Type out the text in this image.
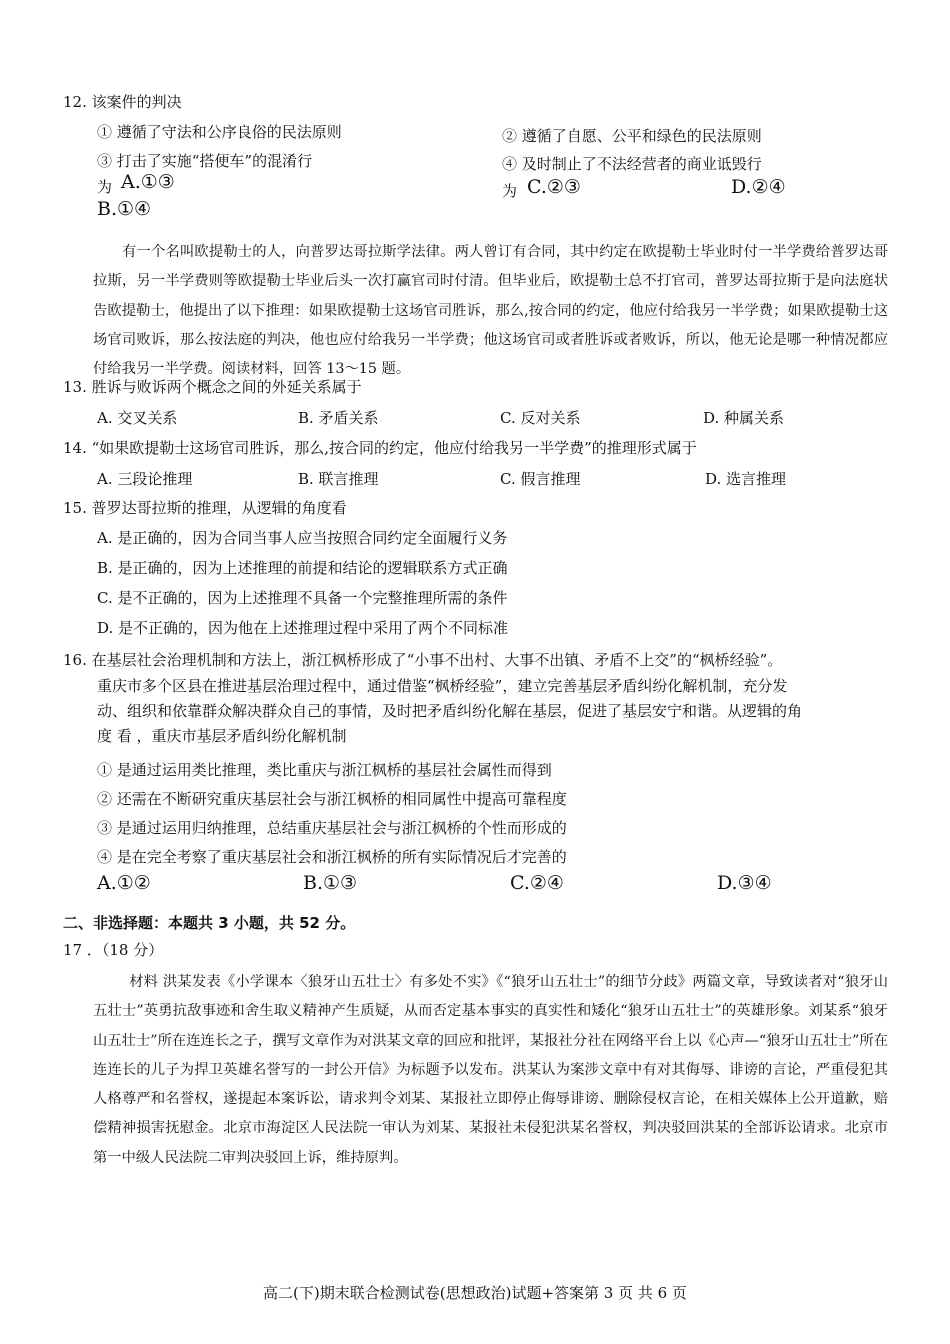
12. 该案件的判决
① 遵循了守法和公序良俗的民法原则	② 遵循了自愿、公平和绿色的民法原则
③ 打击了实施“搭便车”的混淆行	④ 及时制止了不法经营者的商业诋毁行
为 A.①③	为 C.②③	D.②④
B.①④
有一个名叫欧提勒士的人，向普罗达哥拉斯学法律。两人曾订有合同，其中约定在欧提勒士毕业时付一半学费给普罗达哥拉斯，另一半学费则等欧提勒士毕业后头一次打赢官司时付清。但毕业后，欧提勒士总不打官司，普罗达哥拉斯于是向法庭状告欧提勒士，他提出了以下推理：如果欧提勒士这场官司胜诉，那么,按合同的约定，他应付给我另一半学费；如果欧提勒士这场官司败诉，那么按法庭的判决，他也应付给我另一半学费；他这场官司或者胜诉或者败诉，所以，他无论是哪一种情况都应付给我另一半学费。阅读材料，回答 13～15 题。
13. 胜诉与败诉两个概念之间的外延关系属于
A. 交叉关系	B. 矛盾关系	C. 反对关系	D. 种属关系
14. “如果欧提勒士这场官司胜诉，那么,按合同的约定，他应付给我另一半学费”的推理形式属于
A. 三段论推理	B. 联言推理	C. 假言推理	D. 选言推理
15. 普罗达哥拉斯的推理，从逻辑的角度看
A. 是正确的，因为合同当事人应当按照合同约定全面履行义务
B. 是正确的，因为上述推理的前提和结论的逻辑联系方式正确
C. 是不正确的，因为上述推理不具备一个完整推理所需的条件
D. 是不正确的，因为他在上述推理过程中采用了两个不同标准
16. 在基层社会治理机制和方法上，浙江枫桥形成了“小事不出村、大事不出镇、矛盾不上交”的“枫桥经验”。
重庆市多个区县在推进基层治理过程中，通过借鉴“枫桥经验”，建立完善基层矛盾纠纷化解机制，充分发
动、组织和依靠群众解决群众自己的事情，及时把矛盾纠纷化解在基层，促进了基层安宁和谐。从逻辑的角
度 看 ，重庆市基层矛盾纠纷化解机制
① 是通过运用类比推理，类比重庆与浙江枫桥的基层社会属性而得到
② 还需在不断研究重庆基层社会与浙江枫桥的相同属性中提高可靠程度
③ 是通过运用归纳推理，总结重庆基层社会与浙江枫桥的个性而形成的
④ 是在完全考察了重庆基层社会和浙江枫桥的所有实际情况后才完善的
A.①②	B.①③	C.②④	D.③④
二、非选择题：本题共 3 小题，共 52 分。
17 ．（18 分）
材料 洪某发表《小学课本〈狼牙山五壮士〉有多处不实》《“狼牙山五壮士”的细节分歧》两篇文章，导致读者对“狼牙山五壮士”英勇抗敌事迹和舍生取义精神产生质疑，从而否定基本事实的真实性和矮化“狼牙山五壮士”的英雄形象。刘某系“狼牙山五壮士”所在连连长之子，撰写文章作为对洪某文章的回应和批评，某报社分社在网络平台上以《心声—“狼牙山五壮士”所在连连长的儿子为捍卫英雄名誉写的一封公开信》为标题予以发布。洪某认为案涉文章中有对其侮辱、诽谤的言论，严重侵犯其人格尊严和名誉权，遂提起本案诉讼，请求判令刘某、某报社立即停止侮辱诽谤、删除侵权言论，在相关媒体上公开道歉，赔偿精神损害抚慰金。北京市海淀区人民法院一审认为刘某、某报社未侵犯洪某名誉权，判决驳回洪某的全部诉讼请求。北京市第一中级人民法院二审判决驳回上诉，维持原判。
高二(下)期末联合检测试卷(思想政治)试题+答案第 3 页 共 6 页
